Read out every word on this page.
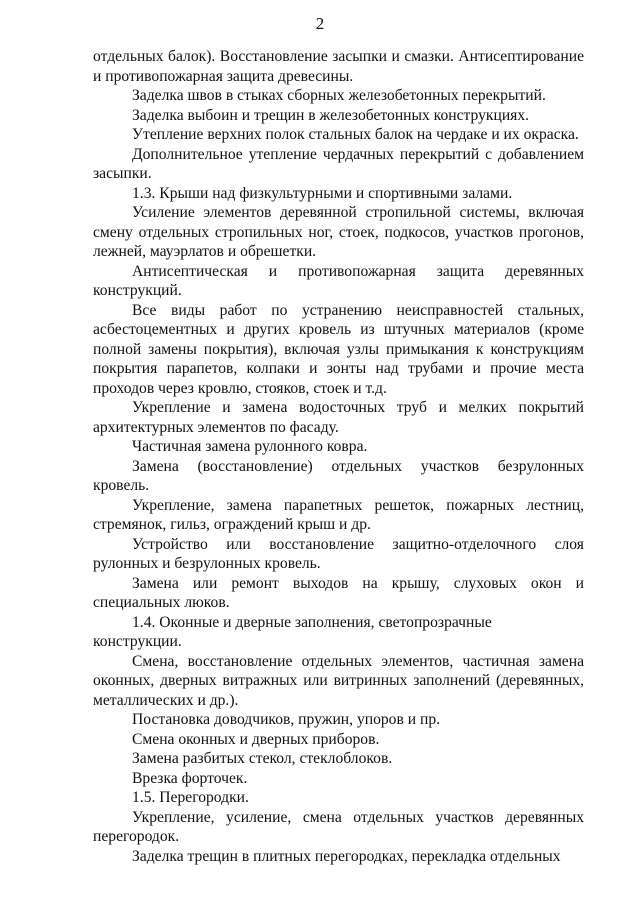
2

отдельных балок). Восстановление засыпки и смазки. Антисептирование и противопожарная защита древесины.

Заделка швов в стыках сборных железобетонных перекрытий.

Заделка выбоин и трещин в железобетонных конструкциях.

Утепление верхних полок стальных балок на чердаке и их окраска.

Дополнительное утепление чердачных перекрытий с добавлением засыпки.

1.3. Крыши над физкультурными и спортивными залами.

Усиление элементов деревянной стропильной системы, включая смену отдельных стропильных ног, стоек, подкосов, участков прогонов, лежней, мауэрлатов и обрешетки.

Антисептическая и противопожарная защита деревянных конструкций.

Все виды работ по устранению неисправностей стальных, асбестоцементных и других кровель из штучных материалов (кроме полной замены покрытия), включая узлы примыкания к конструкциям покрытия парапетов, колпаки и зонты над трубами и прочие места проходов через кровлю, стояков, стоек и т.д.

Укрепление и замена водосточных труб и мелких покрытий архитектурных элементов по фасаду.

Частичная замена рулонного ковра.

Замена (восстановление) отдельных участков безрулонных кровель.

Укрепление, замена парапетных решеток, пожарных лестниц, стремянок, гильз, ограждений крыш и др.

Устройство или восстановление защитно-отделочного слоя рулонных и безрулонных кровель.

Замена или ремонт выходов на крышу, слуховых окон и специальных люков.

1.4. Оконные и дверные заполнения, светопрозрачные конструкции.

Смена, восстановление отдельных элементов, частичная замена оконных, дверных витражных или витринных заполнений (деревянных, металлических и др.).

Постановка доводчиков, пружин, упоров и пр.

Смена оконных и дверных приборов.

Замена разбитых стекол, стеклоблоков.

Врезка форточек.

1.5. Перегородки.

Укрепление, усиление, смена отдельных участков деревянных перегородок.

Заделка трещин в плитных перегородках, перекладка отдельных
